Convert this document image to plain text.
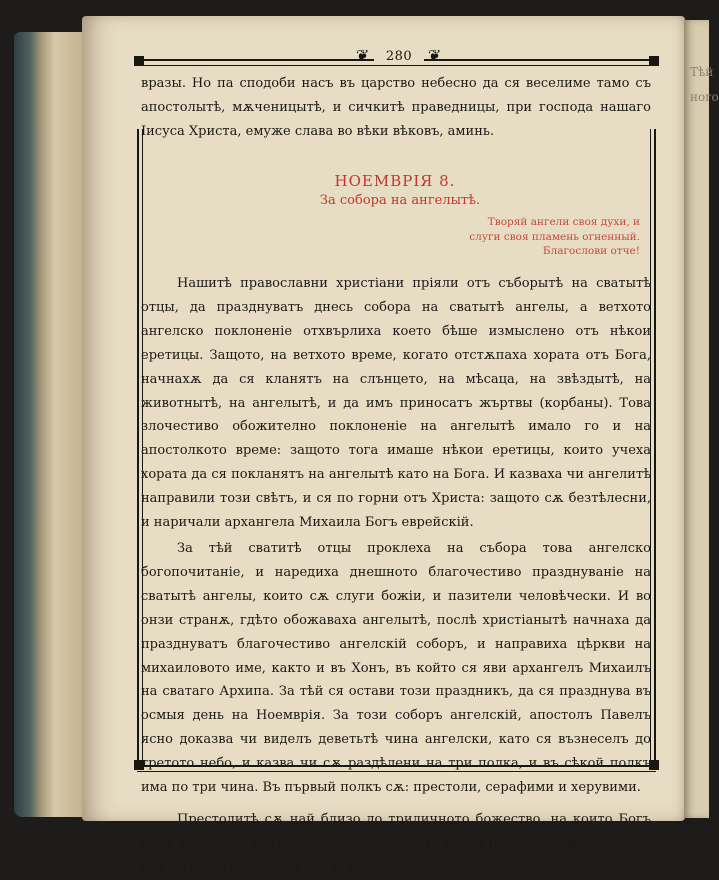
Тѣй ного
❦	280 ❦

вразы. Но па сподоби насъ въ царство небесно да ся веселиме тамо съ апостолытѣ, мѫченицытѣ, и сичкитѣ праведницы, при господа нашаго Іисуса Христа, емуже слава во вѣки вѣковъ, аминь.

НОЕМВРІЯ 8.
За собора на ангелытѣ.
Творяй ангели своя духи, и
слуги своя пламень огненный.
Благослови отче!

Нашитѣ православни христіани пріяли отъ съборытѣ на сватытѣ отцы, да празднуватъ днесь собора на сватытѣ ангелы, а ветхото ангелско поклоненіе отхвърлиха което бѣше измыслено отъ нѣкои еретицы. Защото, на ветхото време, когато отстѫпаха хората отъ Бога, начнахѫ да ся кланятъ на слънцето, на мѣсаца, на звѣздытѣ, на животнытѣ, на ангелытѣ, и да имъ приносатъ жъртвы (корбаны). Това злочестиво обожително поклоненіе на ангелытѣ имало го и на апостолкото време: защото тога имаше нѣкои еретицы, които учеха хората да ся покланятъ на ангелытѣ като на Бога. И казваха чи ангелитѣ направили този свѣтъ, и ся по горни отъ Христа: защото сѫ безтѣлесни, и наричали архангела Михаила Богъ еврейскій.

За тѣй сватитѣ отцы проклеха на събора това ангелско богопочитаніе, и наредиха днешното благочестиво празднуваніе на сватытѣ ангелы, които сѫ слуги божіи, и пазители человѣчески. И во онзи странѫ, гдѣто обожаваха ангелытѣ, послѣ христіанытѣ начнаха да празднуватъ благочестиво ангелскій соборъ, и направиха цѣркви на михаиловото име, както и въ Хонъ, въ който ся яви архангелъ Михаилъ на сватаго Архипа. За тѣй ся остави този праздникъ, да ся празднува въ осмыя день на Ноемврія. За този соборъ ангелскій, апостолъ Павелъ ясно доказва чи виделъ деветьтѣ чина ангелски, като ся възнеселъ до третото небо, и казва чи сѫ раздѣлени на три полка, и въ сѣкой полкъ има по три чина. Въ първый полкъ сѫ: престоли, серафими и херувими.

Престолитѣ сѫ най близо до триличното божество, на които Богъ сѣди мысленно като на престолъ, каквото казва пророкъ Давидъ: „сѣлъ еси на престолѣ сѫдяй правдѫ.“
